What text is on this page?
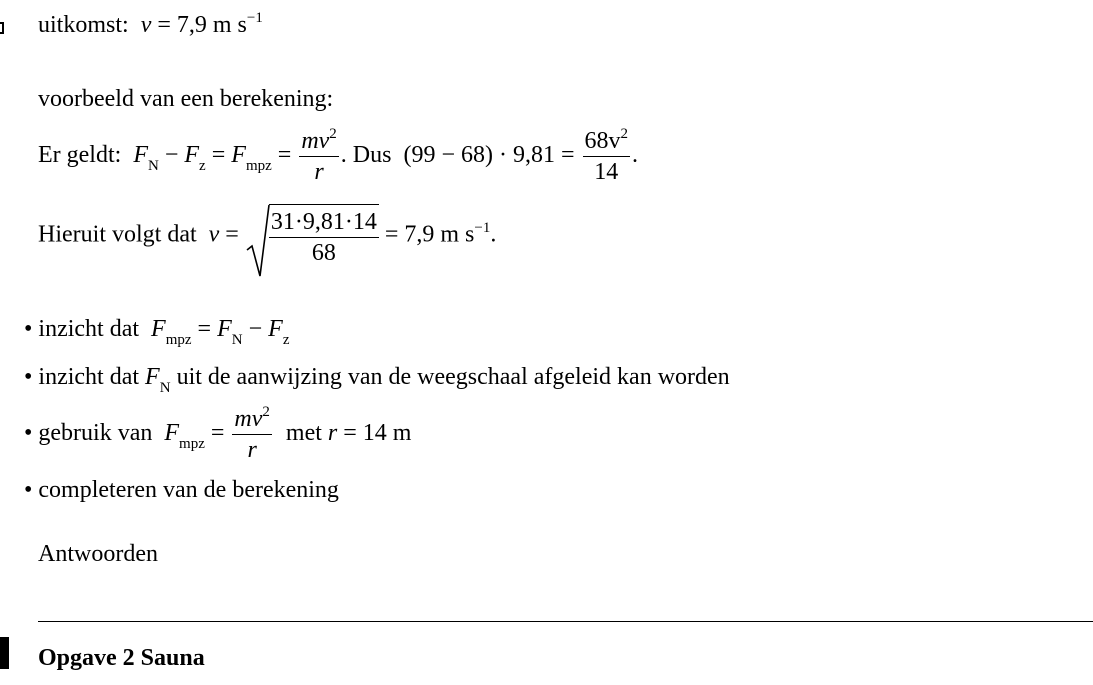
uitkomst: v = 7,9 m $s^{-1}$
voorbeeld van een berekening:
Er geldt: $F_N - F_z = F_{mpz} = \frac{mv^2}{r}$ . Dus $(99 - 68) \cdot 9,81 = \frac{68v^2}{14}$ .
Hieruit volgt dat $v = \frac{31\cdot 9,81\cdot 14}{68} = 7,9$ m $s^{-1}$.
• inzicht dat $F_{mpz} = F_N - F_z$
• inzicht dat $F_N$ uit de aanwijzing van de weegschaal afgeleid kan worden
• gebruik van $F_{mpz} = \frac{mv^2}{r}$ met r = 14 m
• completeren van de berekening
Antwoorden
Opgave 2 Sauna
